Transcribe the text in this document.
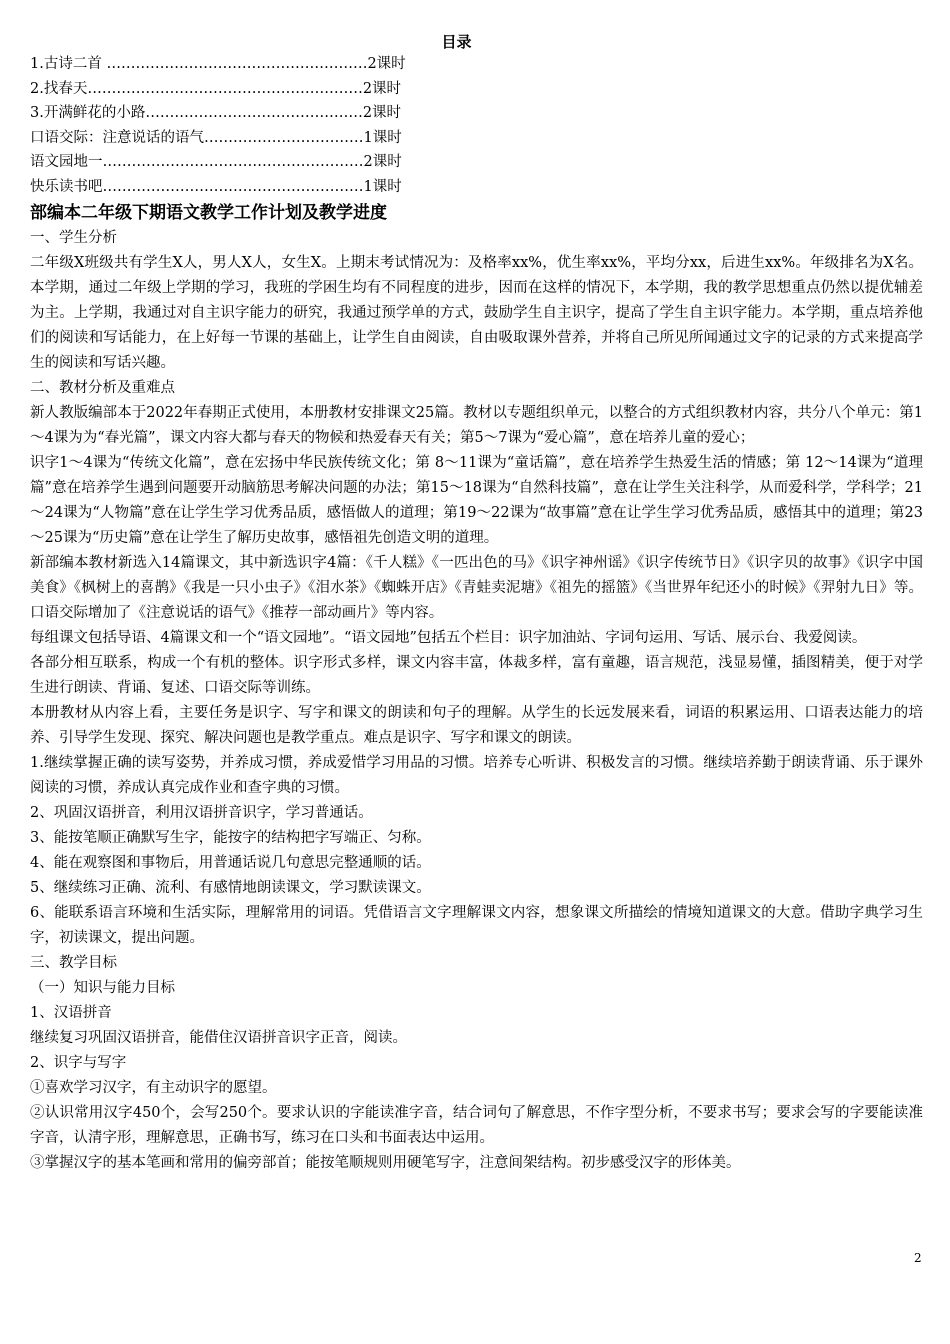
目录
1.古诗二首 ………………………………………………2课时
2.找春天…………………………………………………2课时
3.开满鲜花的小路………………………………………2课时
口语交际：注意说话的语气……………………………1课时
语文园地一………………………………………………2课时
快乐读书吧………………………………………………1课时
部编本二年级下期语文教学工作计划及教学进度

一、学生分析

二年级X班级共有学生X人，男人X人，女生X。上期末考试情况为：及格率xx%，优生率xx%，平均分xx，后进生xx%。年级排名为X名。本学期，通过二年级上学期的学习，我班的学困生均有不同程度的进步，因而在这样的情况下，本学期，我的教学思想重点仍然以提优辅差为主。上学期，我通过对自主识字能力的研究，我通过预学单的方式，鼓励学生自主识字，提高了学生自主识字能力。本学期，重点培养他们的阅读和写话能力，在上好每一节课的基础上，让学生自由阅读，自由吸取课外营养，并将自己所见所闻通过文字的记录的方式来提高学生的阅读和写话兴趣。

二、教材分析及重难点

新人教版编部本于2022年春期正式使用，本册教材安排课文25篇。教材以专题组织单元，以整合的方式组织教材内容，共分八个单元：第1～4课为为“春光篇”，课文内容大都与春天的物候和热爱春天有关；第5～7课为“爱心篇”，意在培养儿童的爱心；

识字1～4课为“传统文化篇”，意在宏扬中华民族传统文化；第 8～11课为“童话篇”，意在培养学生热爱生活的情感；第 12～14课为“道理篇”意在培养学生遇到问题要开动脑筋思考解决问题的办法；第15～18课为“自然科技篇”，意在让学生关注科学，从而爱科学，学科学；21～24课为“人物篇”意在让学生学习优秀品质，感悟做人的道理；第19～22课为“故事篇”意在让学生学习优秀品质，感悟其中的道理；第23～25课为“历史篇”意在让学生了解历史故事，感悟祖先创造文明的道理。

新部编本教材新选入14篇课文，其中新选识字4篇：《千人糕》《一匹出色的马》《识字神州谣》《识字传统节日》《识字贝的故事》《识字中国美食》《枫树上的喜鹊》《我是一只小虫子》《泪水茶》《蜘蛛开店》《青蛙卖泥塘》《祖先的摇篮》《当世界年纪还小的时候》《羿射九日》等。口语交际增加了《注意说话的语气》《推荐一部动画片》等内容。

每组课文包括导语、4篇课文和一个“语文园地”。“语文园地”包括五个栏目：识字加油站、字词句运用、写话、展示台、我爱阅读。

各部分相互联系，构成一个有机的整体。识字形式多样，课文内容丰富，体裁多样，富有童趣，语言规范，浅显易懂，插图精美，便于对学生进行朗读、背诵、复述、口语交际等训练。

本册教材从内容上看，主要任务是识字、写字和课文的朗读和句子的理解。从学生的长远发展来看，词语的积累运用、口语表达能力的培养、引导学生发现、探究、解决问题也是教学重点。难点是识字、写字和课文的朗读。

1.继续掌握正确的读写姿势，并养成习惯，养成爱惜学习用品的习惯。培养专心听讲、积极发言的习惯。继续培养勤于朗读背诵、乐于课外阅读的习惯，养成认真完成作业和查字典的习惯。

2、巩固汉语拼音，利用汉语拼音识字，学习普通话。

3、能按笔顺正确默写生字，能按字的结构把字写端正、匀称。

4、能在观察图和事物后，用普通话说几句意思完整通顺的话。

5、继续练习正确、流利、有感情地朗读课文，学习默读课文。

6、能联系语言环境和生活实际，理解常用的词语。凭借语言文字理解课文内容，想象课文所描绘的情境知道课文的大意。借助字典学习生字，初读课文，提出问题。

三、教学目标

（一）知识与能力目标

1、汉语拼音

继续复习巩固汉语拼音，能借住汉语拼音识字正音，阅读。

2、识字与写字

①喜欢学习汉字，有主动识字的愿望。

②认识常用汉字450个，会写250个。要求认识的字能读准字音，结合词句了解意思，不作字型分析，不要求书写；要求会写的字要能读准字音，认清字形，理解意思，正确书写，练习在口头和书面表达中运用。

③掌握汉字的基本笔画和常用的偏旁部首；能按笔顺规则用硬笔写字，注意间架结构。初步感受汉字的形体美。

2
